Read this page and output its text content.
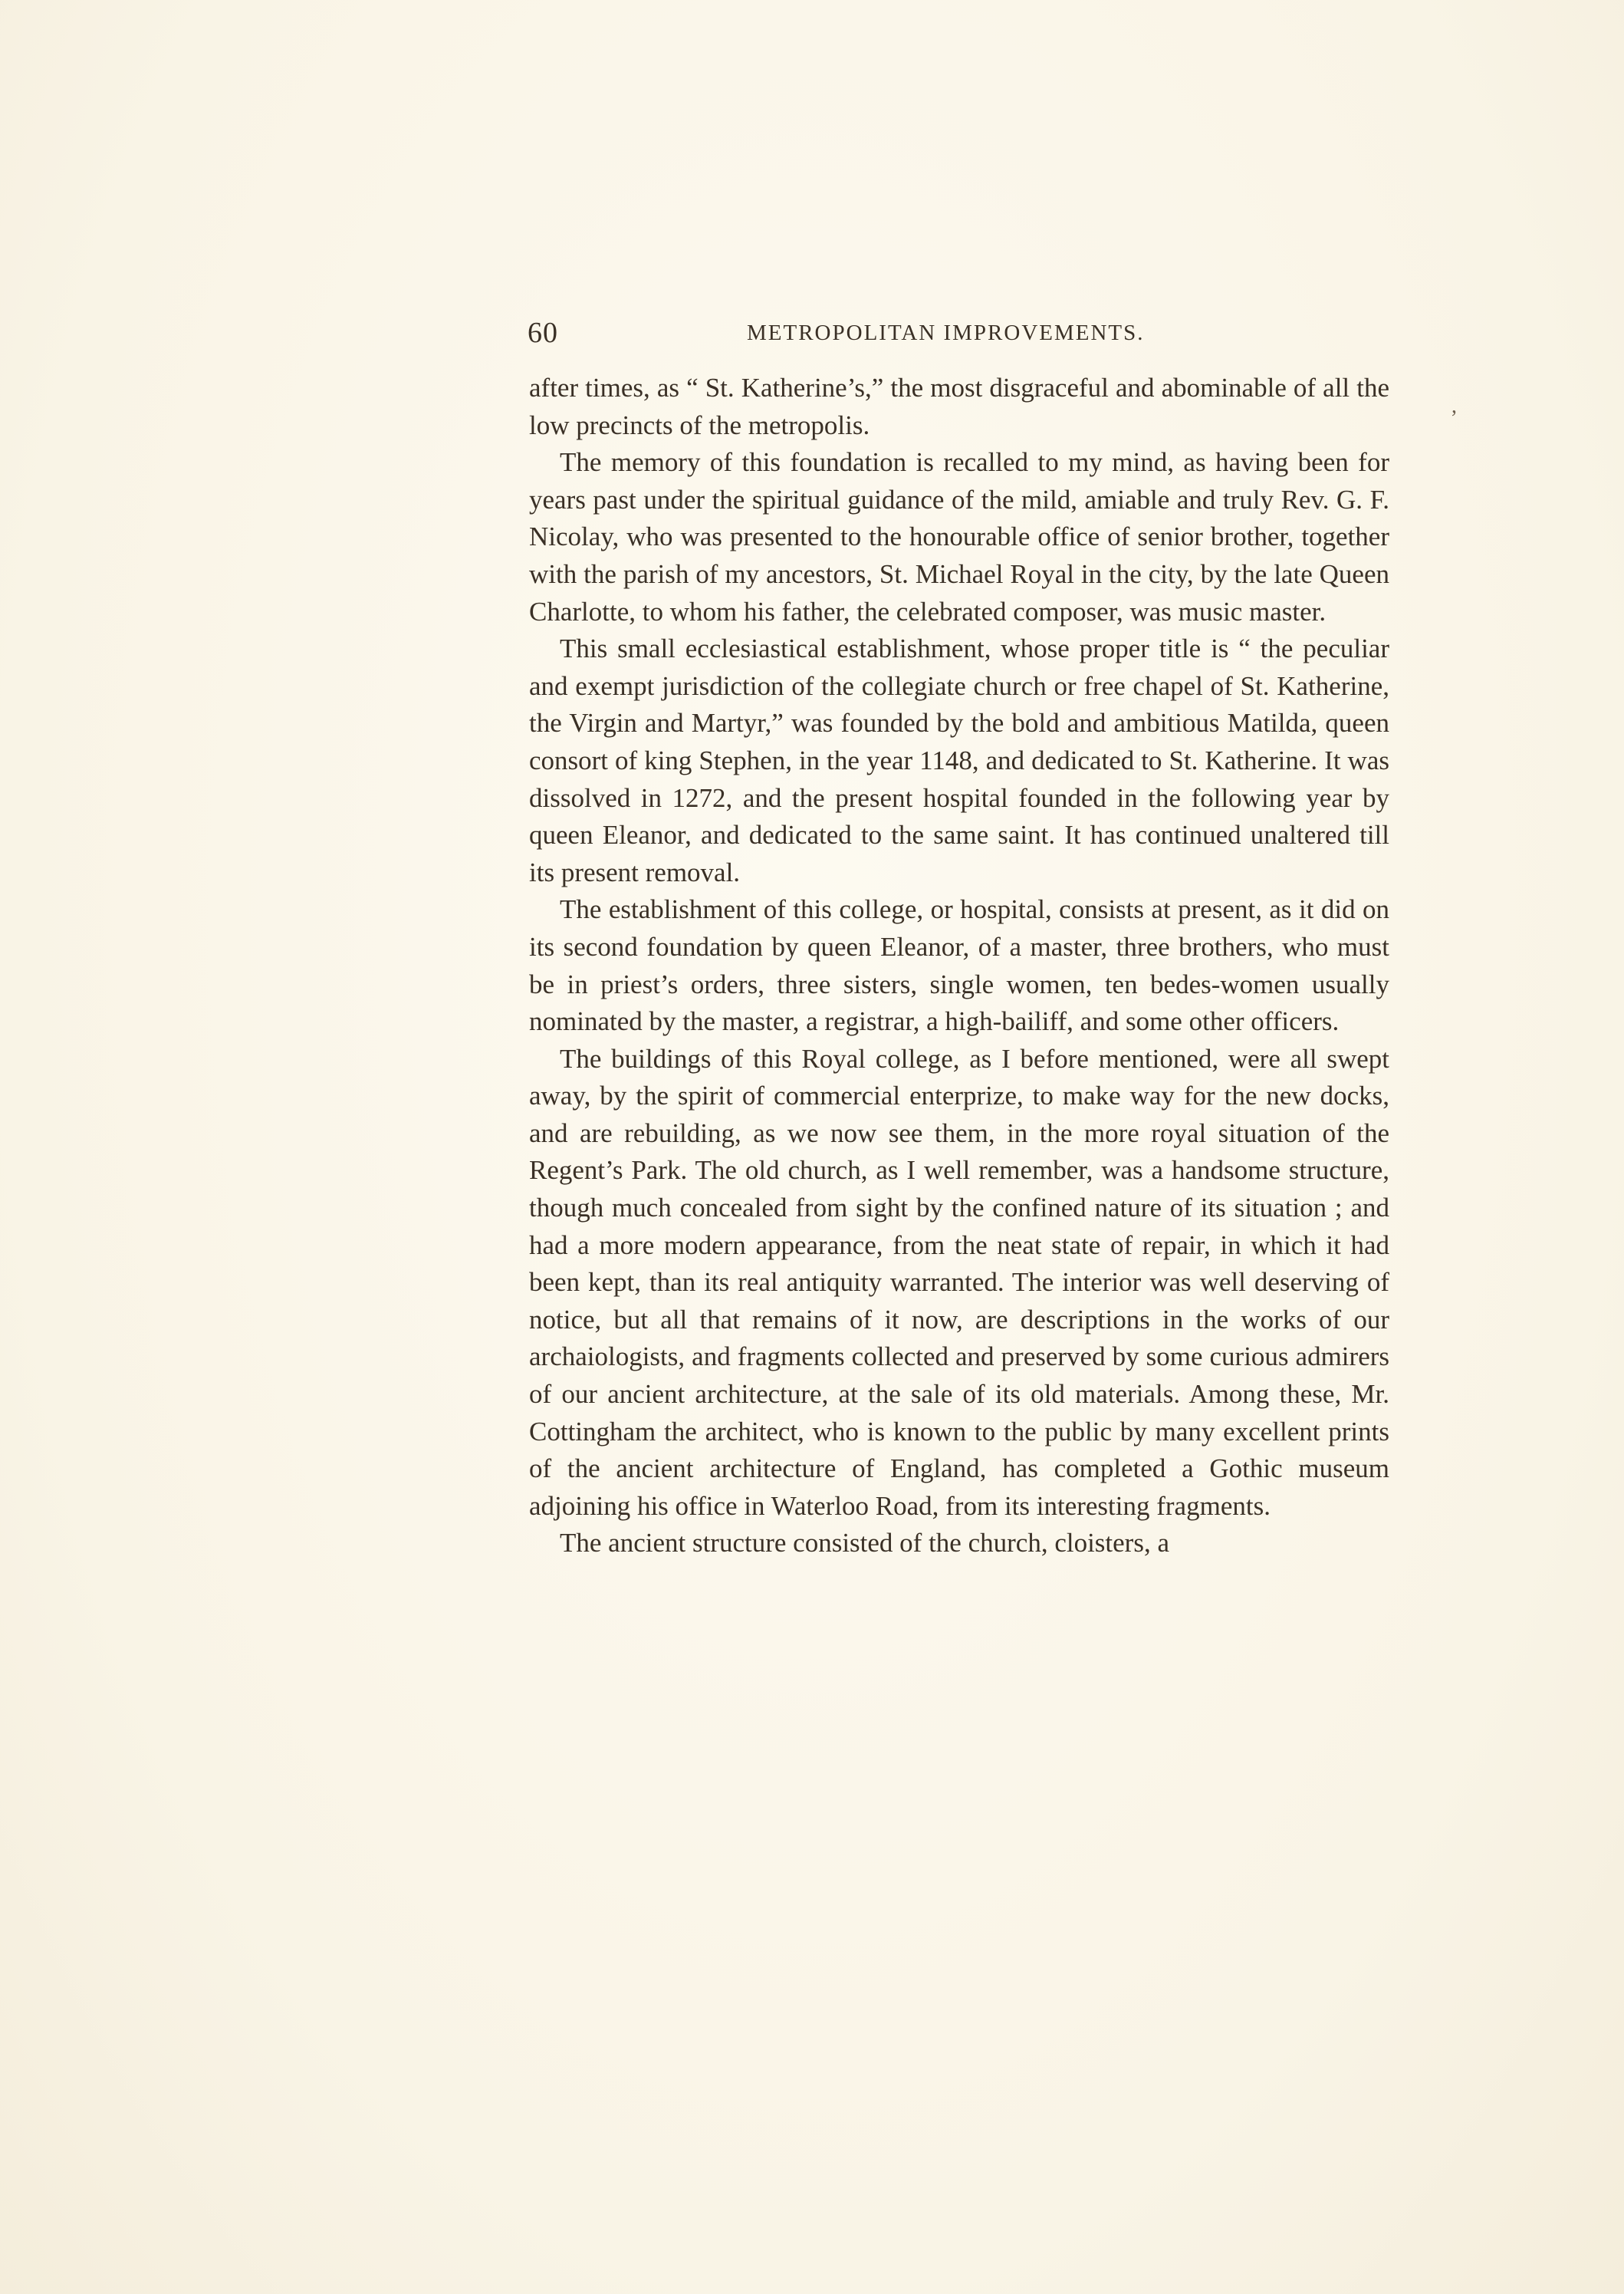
60	METROPOLITAN IMPROVEMENTS.
,

after times, as “ St. Katherine’s,” the most disgraceful and abominable of all the low precincts of the metropolis.

The memory of this foundation is recalled to my mind, as having been for years past under the spiritual guidance of the mild, amiable and truly Rev. G. F. Nicolay, who was presented to the honourable office of senior brother, together with the parish of my ancestors, St. Michael Royal in the city, by the late Queen Charlotte, to whom his father, the celebrated composer, was music master.

This small ecclesiastical establishment, whose proper title is “ the peculiar and exempt jurisdiction of the collegiate church or free chapel of St. Katherine, the Virgin and Martyr,” was founded by the bold and ambitious Matilda, queen consort of king Stephen, in the year 1148, and dedicated to St. Katherine. It was dissolved in 1272, and the present hospital founded in the following year by queen Eleanor, and dedicated to the same saint. It has continued unaltered till its present removal.

The establishment of this college, or hospital, consists at present, as it did on its second foundation by queen Eleanor, of a master, three brothers, who must be in priest’s orders, three sisters, single women, ten bedes-women usually nominated by the master, a registrar, a high-bailiff, and some other officers.

The buildings of this Royal college, as I before mentioned, were all swept away, by the spirit of commercial enterprize, to make way for the new docks, and are rebuilding, as we now see them, in the more royal situation of the Regent’s Park. The old church, as I well remember, was a handsome structure, though much concealed from sight by the confined nature of its situation ; and had a more modern appearance, from the neat state of repair, in which it had been kept, than its real antiquity warranted. The interior was well deserving of notice, but all that remains of it now, are descriptions in the works of our archaiologists, and fragments collected and preserved by some curious admirers of our ancient architecture, at the sale of its old materials. Among these, Mr. Cottingham the architect, who is known to the public by many excellent prints of the ancient architecture of England, has completed a Gothic museum adjoining his office in Waterloo Road, from its interesting fragments.

The ancient structure consisted of the church, cloisters, a
